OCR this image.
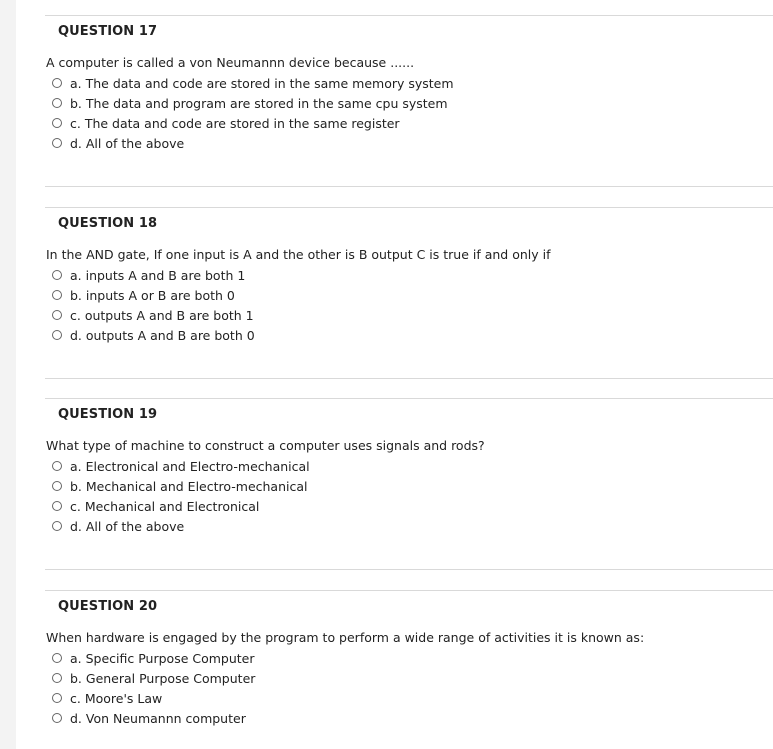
QUESTION 17
A computer is called a von Neumannn device because ......
a. The data and code are stored in the same memory system
b. The data and program are stored in the same cpu system
c. The data and code are stored in the same register
d. All of the above
QUESTION 18
In the AND gate, If one input is A and the other is B output C is true if and only if
a. inputs A and B are both 1
b. inputs A or B are both 0
c. outputs A and B are both 1
d. outputs A and B are both 0
QUESTION 19
What type of machine to construct a computer uses signals and rods?
a. Electronical and Electro-mechanical
b. Mechanical and Electro-mechanical
c. Mechanical and Electronical
d. All of the above
QUESTION 20
When hardware is engaged by the program to perform a wide range of activities it is known as:
a. Specific Purpose Computer
b. General Purpose Computer
c. Moore's Law
d. Von Neumannn computer
